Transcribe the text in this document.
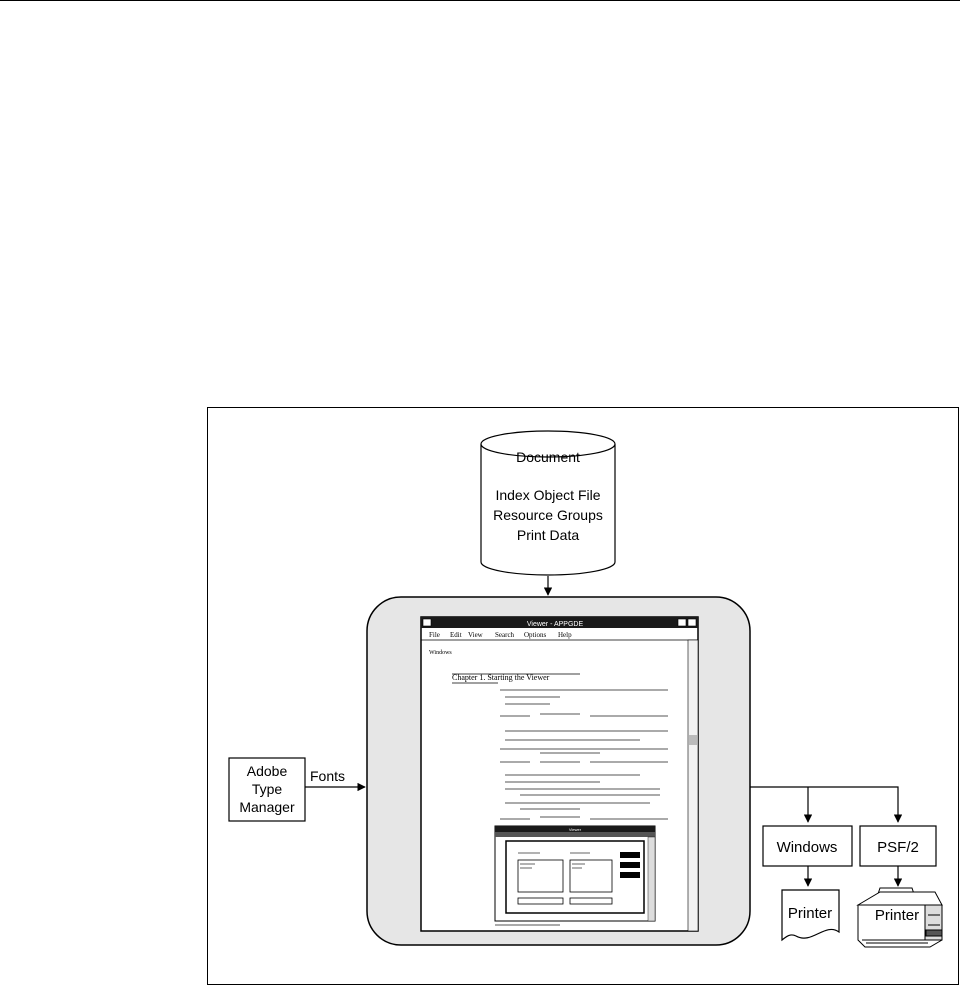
Document
Index Object File
Resource Groups
Print Data
Viewer - APPGDE
File Edit View Search Options Help
Windows
Chapter 1. Starting the Viewer
Viewer
Adobe
Type
Manager
Fonts
Windows	PSF/2
Printer	Printer
